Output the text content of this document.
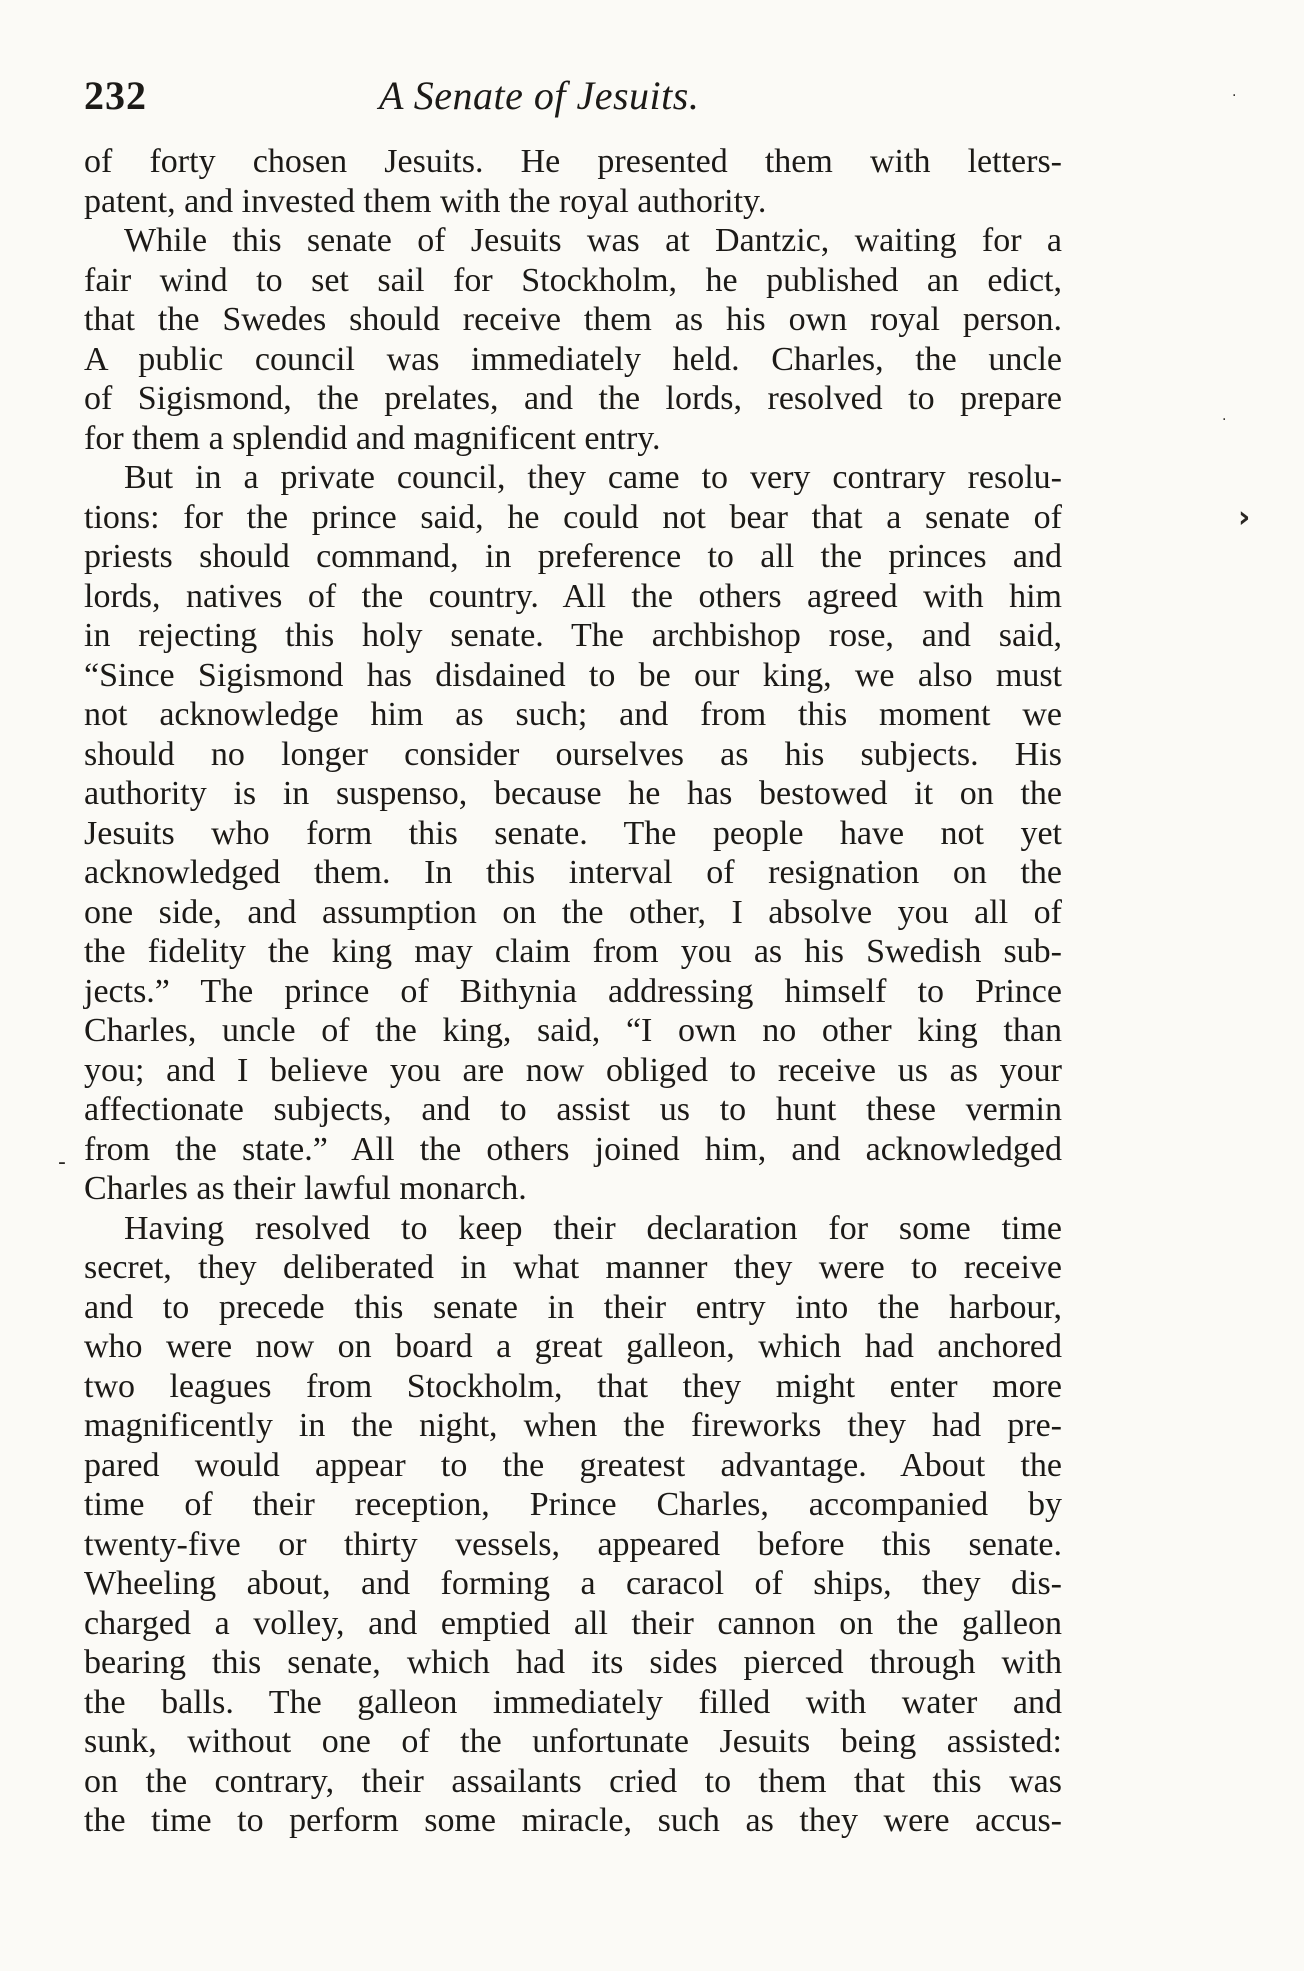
232	A Senate of Jesuits.
of forty chosen Jesuits. He presented them with letters-
patent, and invested them with the royal authority.
While this senate of Jesuits was at Dantzic, waiting for a
fair wind to set sail for Stockholm, he published an edict,
that the Swedes should receive them as his own royal person.
A public council was immediately held. Charles, the uncle
of Sigismond, the prelates, and the lords, resolved to prepare
for them a splendid and magnificent entry.
But in a private council, they came to very contrary resolu-
tions: for the prince said, he could not bear that a senate of
priests should command, in preference to all the princes and
lords, natives of the country. All the others agreed with him
in rejecting this holy senate. The archbishop rose, and said,
“Since Sigismond has disdained to be our king, we also must
not acknowledge him as such; and from this moment we
should no longer consider ourselves as his subjects. His
authority is in suspenso, because he has bestowed it on the
Jesuits who form this senate. The people have not yet
acknowledged them. In this interval of resignation on the
one side, and assumption on the other, I absolve you all of
the fidelity the king may claim from you as his Swedish sub-
jects.” The prince of Bithynia addressing himself to Prince
Charles, uncle of the king, said, “I own no other king than
you; and I believe you are now obliged to receive us as your
affectionate subjects, and to assist us to hunt these vermin
from the state.” All the others joined him, and acknowledged
Charles as their lawful monarch.
Having resolved to keep their declaration for some time
secret, they deliberated in what manner they were to receive
and to precede this senate in their entry into the harbour,
who were now on board a great galleon, which had anchored
two leagues from Stockholm, that they might enter more
magnificently in the night, when the fireworks they had pre-
pared would appear to the greatest advantage. About the
time of their reception, Prince Charles, accompanied by
twenty-five or thirty vessels, appeared before this senate.
Wheeling about, and forming a caracol of ships, they dis-
charged a volley, and emptied all their cannon on the galleon
bearing this senate, which had its sides pierced through with
the balls. The galleon immediately filled with water and
sunk, without one of the unfortunate Jesuits being assisted:
on the contrary, their assailants cried to them that this was
the time to perform some miracle, such as they were accus-
·
·
›
‐
